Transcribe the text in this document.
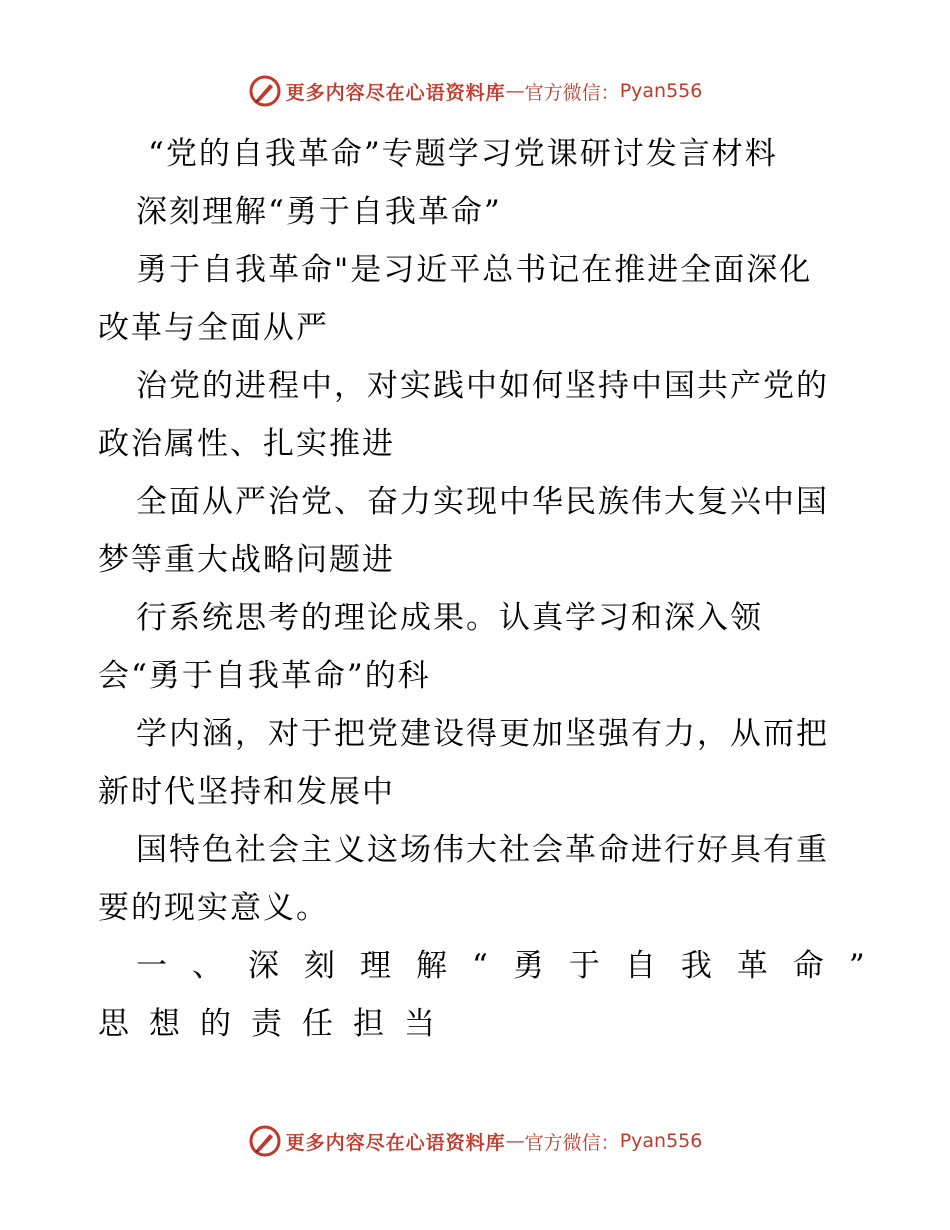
更多内容尽在心语资料库 — 官方微信： Pyan556
“党的自我革命”专题学习党课研讨发言材料
深刻理解“勇于自我革命”
勇于自我革命"是习近平总书记在推进全面深化
改革与全面从严
治党的进程中，对实践中如何坚持中国共产党的
政治属性、扎实推进
全面从严治党、奋力实现中华民族伟大复兴中国
梦等重大战略问题进
行系统思考的理论成果。认真学习和深入领
会“勇于自我革命”的科
学内涵，对于把党建设得更加坚强有力，从而把
新时代坚持和发展中
国特色社会主义这场伟大社会革命进行好具有重
要的现实意义。
一、深刻理解“勇于自我革命”
思想的责任担当
更多内容尽在心语资料库 — 官方微信： Pyan556
